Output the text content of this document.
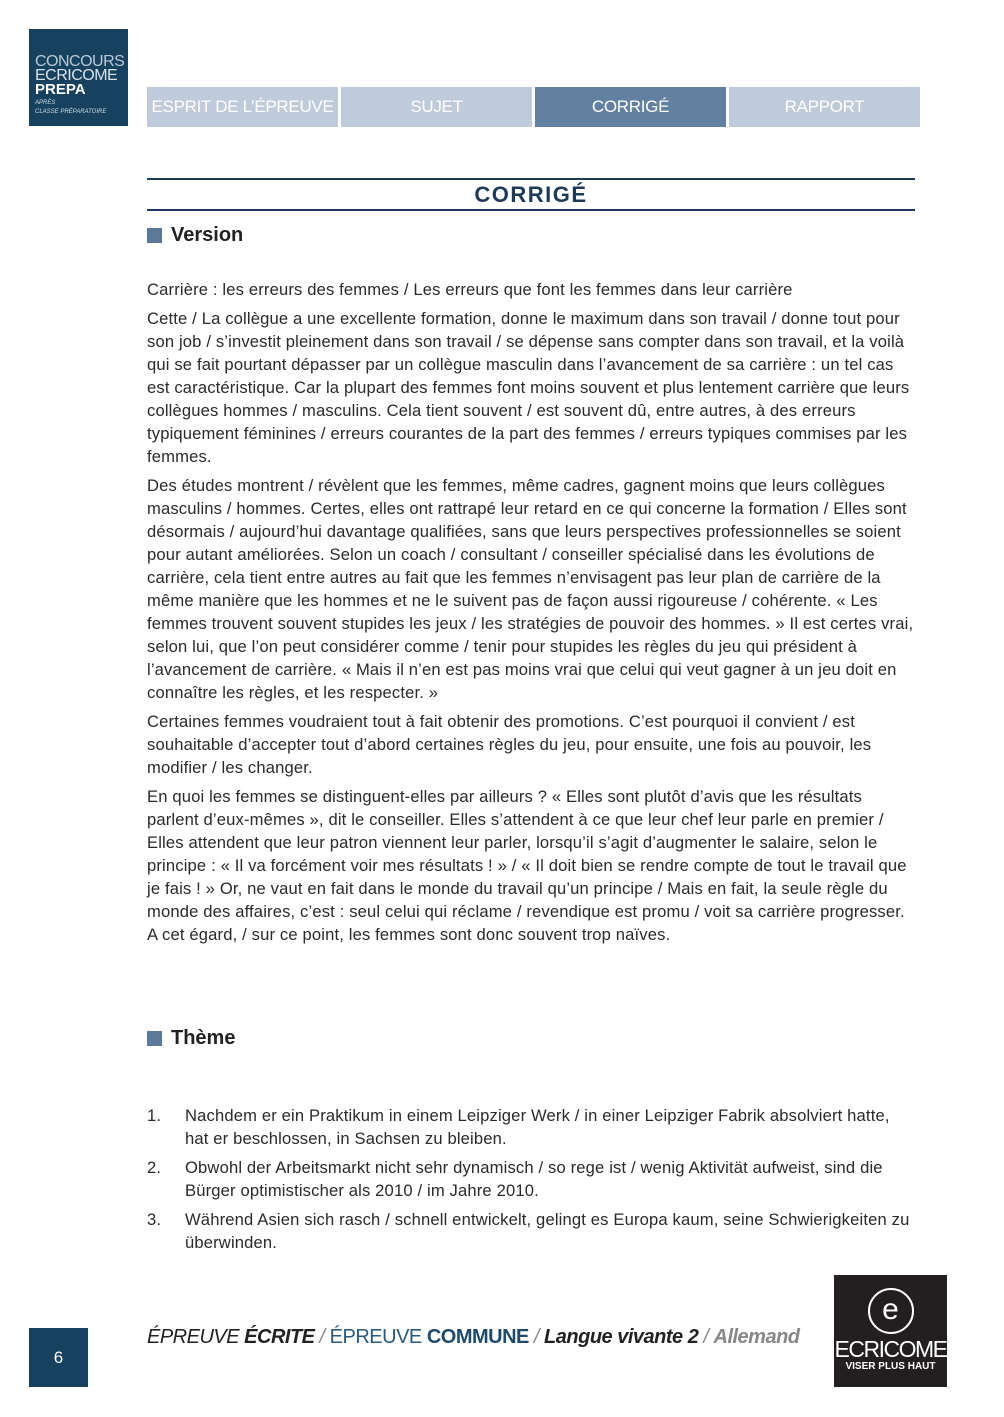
CONCOURS
ECRICOME
PREPA
APRÈS
CLASSE PRÉPARATOIRE	ESPRIT DE L’ÉPREUVE	SUJET	CORRIGÉ	RAPPORT
CORRIGÉ
Version

Carrière : les erreurs des femmes / Les erreurs que font les femmes dans leur carrière

Cette / La collègue a une excellente formation, donne le maximum dans son travail / donne tout pour son job / s’investit pleinement dans son travail / se dépense sans compter dans son travail, et la voilà qui se fait pourtant dépasser par un collègue masculin dans l’avancement de sa carrière : un tel cas est caractéristique. Car la plupart des femmes font moins souvent et plus lentement carrière que leurs collègues hommes / masculins. Cela tient souvent / est souvent dû, entre autres, à des erreurs typiquement féminines / erreurs courantes de la part des femmes / erreurs typiques commises par les femmes.

Des études montrent / révèlent que les femmes, même cadres, gagnent moins que leurs collègues masculins / hommes. Certes, elles ont rattrapé leur retard en ce qui concerne la formation / Elles sont désormais / aujourd’hui davantage qualifiées, sans que leurs perspectives professionnelles se soient pour autant améliorées. Selon un coach / consultant / conseiller spécialisé dans les évolutions de carrière, cela tient entre autres au fait que les femmes n’envisagent pas leur plan de carrière de la même manière que les hommes et ne le suivent pas de façon aussi rigoureuse / cohérente. « Les femmes trouvent souvent stupides les jeux / les stratégies de pouvoir des hommes. » Il est certes vrai, selon lui, que l’on peut considérer comme / tenir pour stupides les règles du jeu qui président à l’avancement de carrière. « Mais il n’en est pas moins vrai que celui qui veut gagner à un jeu doit en connaître les règles, et les respecter. »

Certaines femmes voudraient tout à fait obtenir des promotions. C’est pourquoi il convient / est souhaitable d’accepter tout d’abord certaines règles du jeu, pour ensuite, une fois au pouvoir, les modifier / les changer.

En quoi les femmes se distinguent-elles par ailleurs ? « Elles sont plutôt d’avis que les résultats parlent d’eux-mêmes », dit le conseiller. Elles s’attendent à ce que leur chef leur parle en premier / Elles attendent que leur patron viennent leur parler, lorsqu’il s’agit d’augmenter le salaire, selon le principe : « Il va forcément voir mes résultats ! » / « Il doit bien se rendre compte de tout le travail que je fais ! » Or, ne vaut en fait dans le monde du travail qu’un principe / Mais en fait, la seule règle du monde des affaires, c’est : seul celui qui réclame / revendique est promu / voit sa carrière progresser. A cet égard, / sur ce point, les femmes sont donc souvent trop naïves.

Thème
1.	Nachdem er ein Praktikum in einem Leipziger Werk / in einer Leipziger Fabrik absolviert hatte, hat er beschlossen, in Sachsen zu bleiben.
2.	Obwohl der Arbeitsmarkt nicht sehr dynamisch / so rege ist / wenig Aktivität aufweist, sind die Bürger optimistischer als 2010 / im Jahre 2010.
3.	Während Asien sich rasch / schnell entwickelt, gelingt es Europa kaum, seine Schwierigkeiten zu überwinden.
6
ÉPREUVE ÉCRITE / ÉPREUVE COMMUNE / Langue vivante 2 / Allemand
e
ECRICOME
VISER PLUS HAUT
